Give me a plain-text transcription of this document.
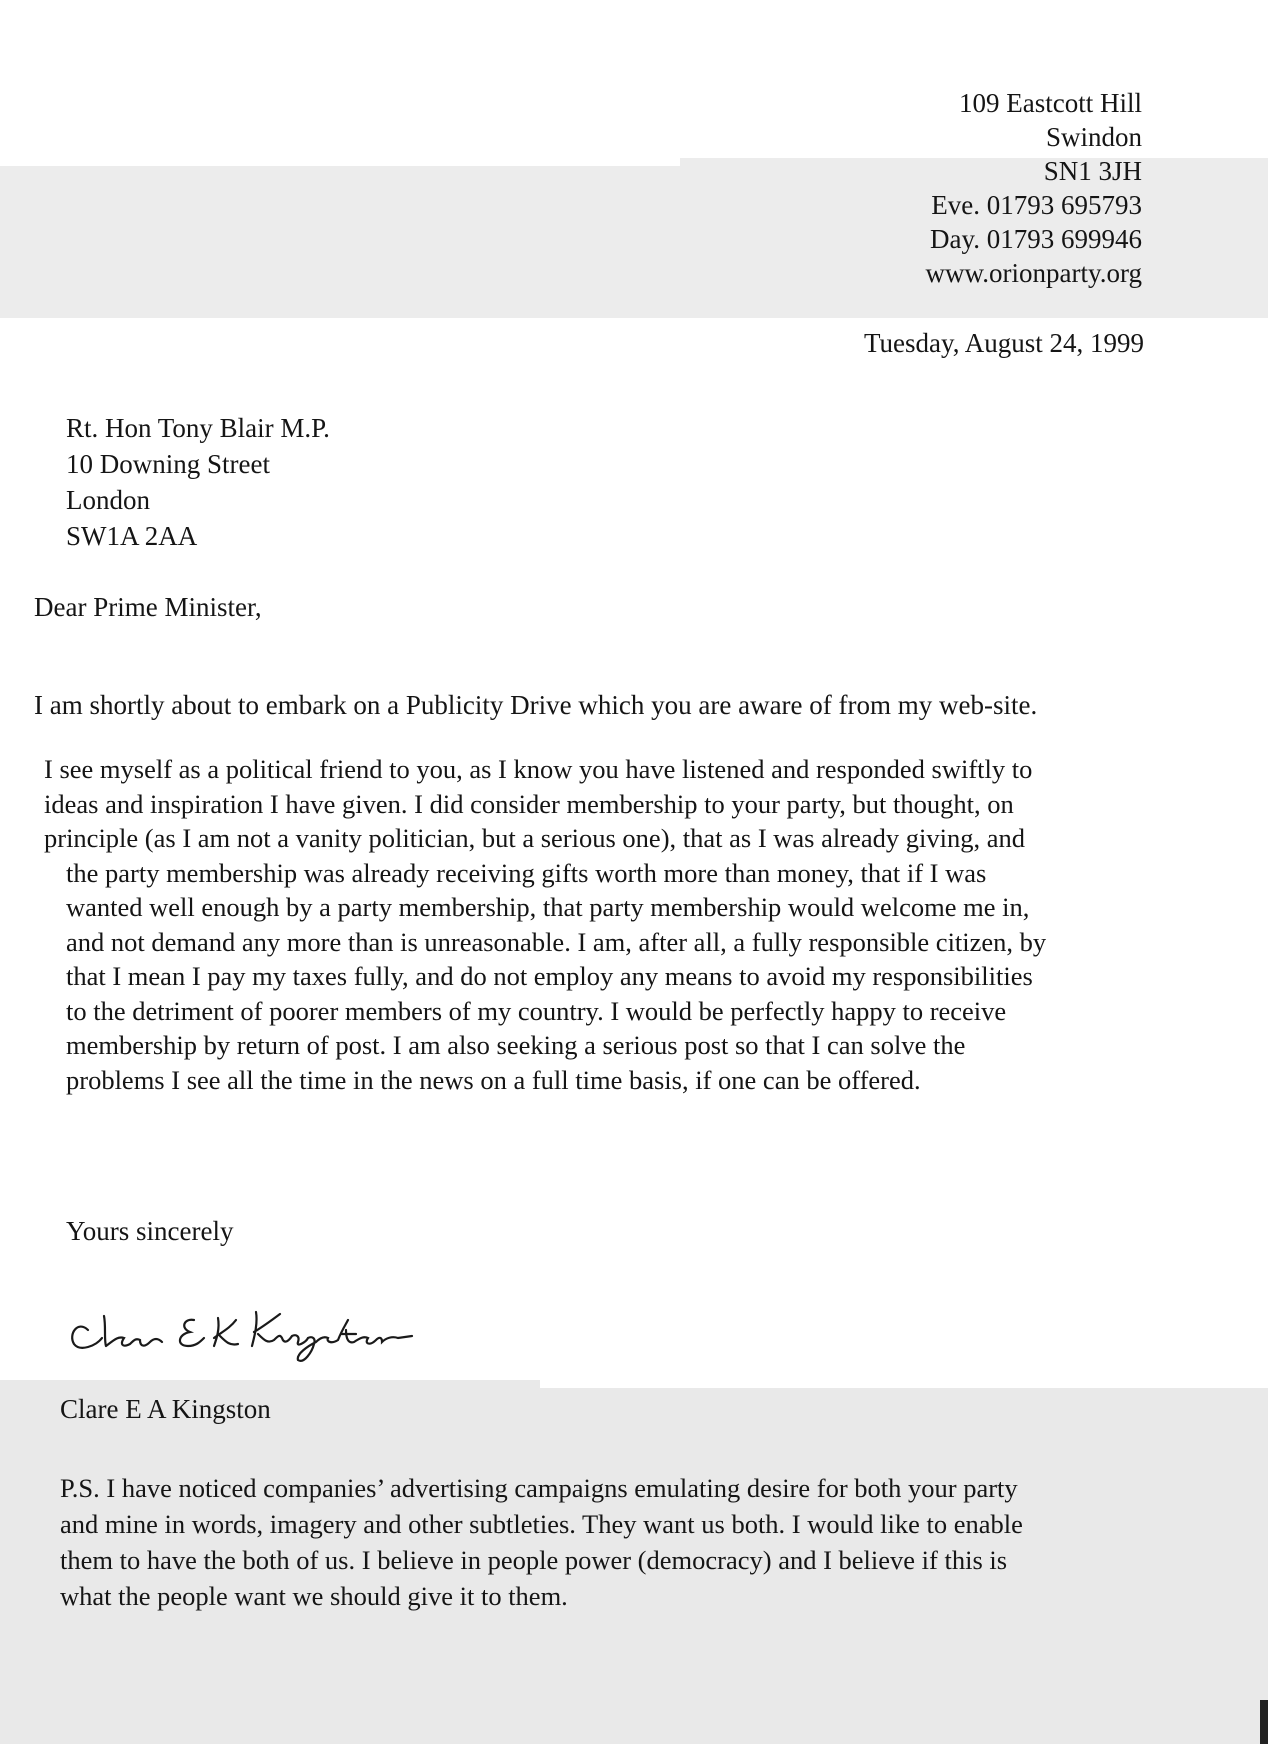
109 Eastcott Hill
Swindon
SN1 3JH
Eve. 01793 695793
Day. 01793 699946
www.orionparty.org
Tuesday, August 24, 1999
Rt. Hon Tony Blair M.P.
10 Downing Street
London
SW1A 2AA
Dear Prime Minister,
I am shortly about to embark on a Publicity Drive which you are aware of from my web-site.
I see myself as a political friend to you, as I know you have listened and responded swiftly to
ideas and inspiration I have given. I did consider membership to your party, but thought, on
principle (as I am not a vanity politician, but a serious one), that as I was already giving, and
the party membership was already receiving gifts worth more than money, that if I was
wanted well enough by a party membership, that party membership would welcome me in,
and not demand any more than is unreasonable. I am, after all, a fully responsible citizen, by
that I mean I pay my taxes fully, and do not employ any means to avoid my responsibilities
to the detriment of poorer members of my country. I would be perfectly happy to receive
membership by return of post. I am also seeking a serious post so that I can solve the
problems I see all the time in the news on a full time basis, if one can be offered.
Yours sincerely
Clare E A Kingston
P.S. I have noticed companies’ advertising campaigns emulating desire for both your party
and mine in words, imagery and other subtleties. They want us both. I would like to enable
them to have the both of us. I believe in people power (democracy) and I believe if this is
what the people want we should give it to them.
